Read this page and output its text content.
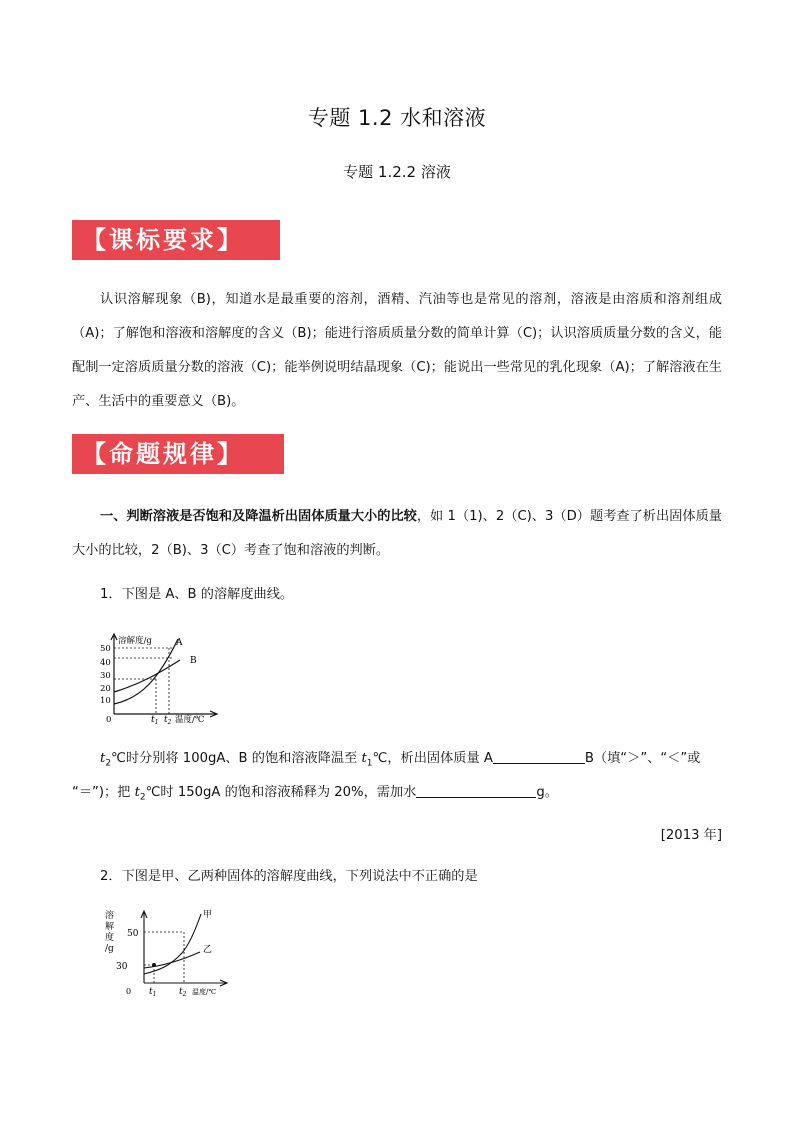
专题 1.2 水和溶液
专题 1.2.2 溶液
【课标要求】
认识溶解现象（B)，知道水是最重要的溶剂，酒精、汽油等也是常见的溶剂，溶液是由溶质和溶剂组成（A)；了解饱和溶液和溶解度的含义（B)；能进行溶质质量分数的简单计算（C)；认识溶质质量分数的含义，能配制一定溶质质量分数的溶液（C)；能举例说明结晶现象（C)；能说出一些常见的乳化现象（A)；了解溶液在生产、生活中的重要意义（B)。
【命题规律】
一、判断溶液是否饱和及降温析出固体质量大小的比较，如 1（1)、2（C)、3（D）题考查了析出固体质量大小的比较，2（B)、3（C）考查了饱和溶液的判断。
1．下图是 A、B 的溶解度曲线。
溶解度/g
50
40
30
20
10
0	$t_1$ $t_2$ 温度/℃
A
B
$t_2℃$时分别将 100gA、B 的饱和溶液降温至 $t_1℃$，析出固体质量 A	B（填“＞”、“＜”或
“＝”)；把 $t_2℃$时 150gA 的饱和溶液稀释为 20%，需加水	g。
[2013 年]
2．下图是甲、乙两种固体的溶解度曲线，下列说法中不正确的是
溶
解
度
/g
50
30
0 $t_1$	$t_2$ 温度/℃
甲
乙
